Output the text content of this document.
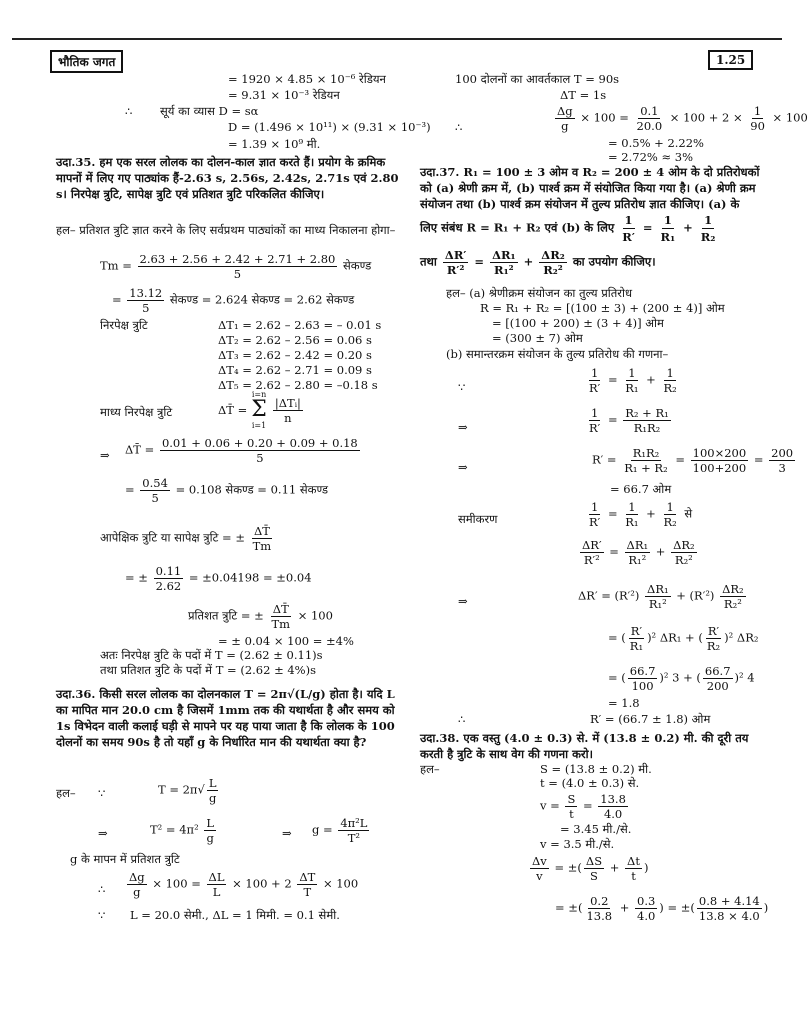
भौतिक जगत	1.25
= 1920 × 4.85 × 10⁻⁶ रेडियन
= 9.31 × 10⁻³ रेडियन
∴ सूर्य का व्यास D = sα
D = (1.496 × 10¹¹) × (9.31 × 10⁻³)
= 1.39 × 10⁹ मी.
उदा.35. हम एक सरल लोलक का दोलन-काल ज्ञात करते हैं। प्रयोग के क्रमिक मापनों में लिए गए पाठ्यांक हैं-2.63 s, 2.56s, 2.42s, 2.71s एवं 2.80 s। निरपेक्ष त्रुटि, सापेक्ष त्रुटि एवं प्रतिशत त्रुटि परिकलित कीजिए।
हल– प्रतिशत त्रुटि ज्ञात करने के लिए सर्वप्रथम पाठ्यांकों का माध्य निकालना होगा–
$Tm = \frac{2.63 + 2.56 + 2.42 + 2.71 + 2.80}{5}$ सेकण्ड
= $\frac{13.12}{5}$ सेकण्ड = 2.624 सेकण्ड = 2.62 सेकण्ड
निरपेक्ष त्रुटि	ΔT₁ = 2.62 – 2.63 = – 0.01 s
ΔT₂ = 2.62 – 2.56 = 0.06 s
ΔT₃ = 2.62 – 2.42 = 0.20 s
ΔT₄ = 2.62 – 2.71 = 0.09 s
ΔT₅ = 2.62 – 2.80 = –0.18 s
माध्य निरपेक्ष त्रुटि	ΔT̄ =
i=n
Σ
i=1
$\frac{\text{|ΔTᵢ|}}{n}$
⇒ ΔT̄ = $\frac{0.01 + 0.06 + 0.20 + 0.09 + 0.18}{5}$
= $\frac{0.54}{5} = 0.108$ सेकण्ड = 0.11 सेकण्ड
आपेक्षिक त्रुटि या सापेक्ष त्रुटि = ± $\frac{\Delta T̄}{Tm}$
= ± $\frac{0.11}{2.62} = \pm 0.04198 = \pm 0.04$
प्रतिशत त्रुटि = ± $\frac{\Delta T̄}{Tm} \times 100$
= ± 0.04 × 100 = ±4%
अतः निरपेक्ष त्रुटि के पदों में T = (2.62 ± 0.11)s
तथा प्रतिशत त्रुटि के पदों में T = (2.62 ± 4%)s
उदा.36. किसी सरल लोलक का दोलनकाल T = 2π√(L/g) होता है। यदि L का मापित मान 20.0 cm है जिसमें 1mm तक की यथार्थता है और समय को 1s विभेदन वाली कलाई घड़ी से मापने पर यह पाया जाता है कि लोलक के 100 दोलनों का समय 90s है तो यहाँ g के निर्धारित मान की यथार्थता क्या है?
हल– ∵	$T = 2\pi√ \frac{L}{g}$
⇒	$T^2 = 4\pi^2 \frac{L}{g}$	⇒ $g = \frac{\text{4π²L}}{\text{T²}}$
g के मापन में प्रतिशत त्रुटि
∴ $\frac{\Delta g}{g} \times 100 = \frac{\Delta L}{L} \times 100 + 2 \frac{\Delta T}{T} \times 100$
∵ L = 20.0 सेमी., ΔL = 1 मिमी. = 0.1 सेमी.
100 दोलनों का आवर्तकाल T = 90s
ΔT = 1s
∴	$\frac{\Delta g}{g} \times 100 = \frac{0.1}{20.0} \times 100 + 2 \times \frac{1}{90} \times 100$
= 0.5% + 2.22%
= 2.72% ≈ 3%
उदा.37. R₁ = 100 ± 3 ओम व R₂ = 200 ± 4 ओम के दो प्रतिरोधकों को (a) श्रेणी क्रम में, (b) पार्श्व क्रम में संयोजित किया गया है। (a) श्रेणी क्रम संयोजन तथा (b) पार्श्व क्रम संयोजन में तुल्य प्रतिरोध ज्ञात कीजिए। (a) के लिए संबंध R = R₁ + R₂ एवं (b) के लिए $\frac{1}{R'} = \frac{1}{\text{R₁}} + \frac{1}{\text{R₂}}$
तथा $\frac{\Delta R'}{\text{R′²}} = \frac{\text{ΔR₁}}{\text{R₁²}} + \frac{\text{ΔR₂}}{\text{R₂²}}$ का उपयोग कीजिए।
हल– (a) श्रेणीक्रम संयोजन का तुल्य प्रतिरोध
R = R₁ + R₂ = [(100 ± 3) + (200 ± 4)] ओम
= [(100 + 200) ± (3 + 4)] ओम
= (300 ± 7) ओम
(b) समान्तरक्रम संयोजन के तुल्य प्रतिरोध की गणना–
∵	$\frac{1}{R'} = \frac{1}{\text{R₁}} + \frac{1}{\text{R₂}}$
⇒	$\frac{1}{R'} = \frac{\text{R₂ + R₁}}{\text{R₁R₂}}$
⇒
$R' = \frac{\text{R₁R₂}}{\text{R₁ + R₂}} = \frac{100\times 200}{100+200} = \frac{200}{3}$
= 66.7 ओम
समीकरण	$\frac{1}{R'} = \frac{1}{\text{R₁}} + \frac{1}{\text{R₂}}$ से
$\frac{\Delta R'}{\text{R′²}} = \frac{\text{ΔR₁}}{\text{R₁²}} + \frac{\text{ΔR₂}}{\text{R₂²}}$
⇒	$\Delta R' = (R'^2) \frac{\text{ΔR₁}}{\text{R₁²}} + (R'^2) \frac{\text{ΔR₂}}{\text{R₂²}}$
= ( $\frac{R'}{\text{R₁}} )^2$ ΔR₁ + ( $\frac{R'}{\text{R₂}} )^2$ ΔR₂
= ( $\frac{66.7}{100} )^2$ 3 + ( $\frac{66.7}{200} )^2$ 4
= 1.8
∴	R′ = (66.7 ± 1.8) ओम
उदा.38. एक वस्तु (4.0 ± 0.3) से. में (13.8 ± 0.2) मी. की दूरी तय करती है त्रुटि के साथ वेग की गणना करो।
हल–	S = (13.8 ± 0.2) मी.
t = (4.0 ± 0.3) से.
$v = \frac{S}{t} = \frac{13.8}{4.0}$
= 3.45 मी./से.
v = 3.5 मी./से.
$\frac{\Delta v}{v}$ = ±( $\frac{\Delta S}{S} + \frac{\Delta t}{t}$ )
= ±( $\frac{0.2}{13.8} + \frac{0.3}{4.0}$ ) = ±( $\frac{0.8 + 4.14}{13.8 \times 4.0}$ )
